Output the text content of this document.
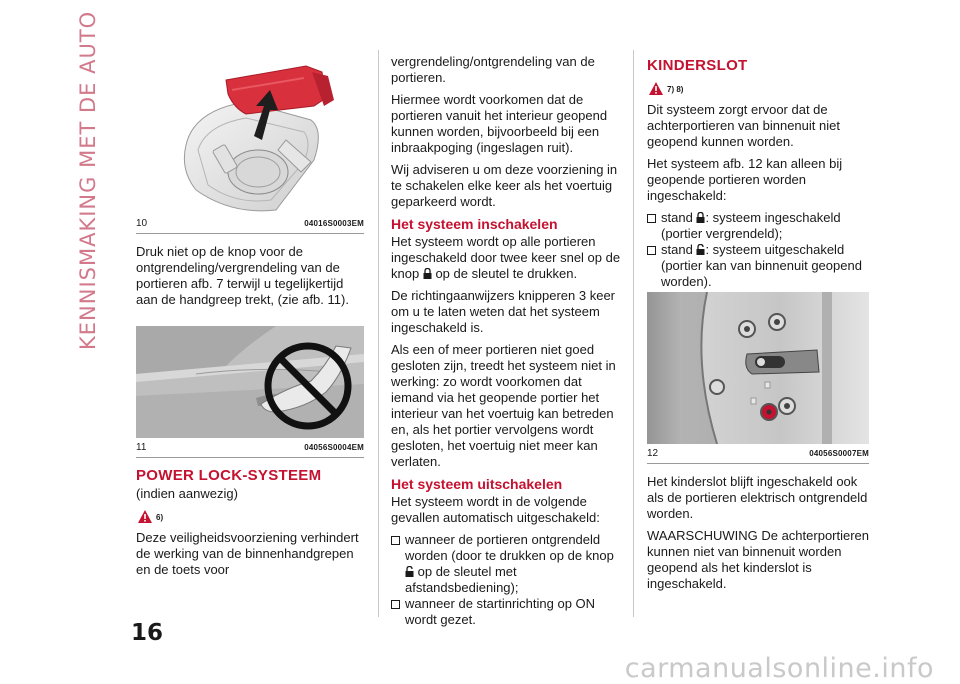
KENNISMAKING MET DE AUTO	10	04016S0003EM

Druk niet op de knop voor de ontgrendeling/vergrendeling van de portieren afb. 7 terwijl u tegelijkertijd aan de handgreep trekt, (zie afb. 11).

11	04056S0004EM
POWER LOCK-SYSTEEM

(indien aanwezig)

6)

Deze veiligheidsvoorziening verhindert de werking van de binnenhandgrepen en de toets voor

vergrendeling/ontgrendeling van de portieren.

Hiermee wordt voorkomen dat de portieren vanuit het interieur geopend kunnen worden, bijvoorbeeld bij een inbraakpoging (ingeslagen ruit).

Wij adviseren u om deze voorziening in te schakelen elke keer als het voertuig geparkeerd wordt.

Het systeem inschakelen

Het systeem wordt op alle portieren ingeschakeld door twee keer snel op de knop op de sleutel te drukken.

De richtingaanwijzers knipperen 3 keer om u te laten weten dat het systeem ingeschakeld is.

Als een of meer portieren niet goed gesloten zijn, treedt het systeem niet in werking: zo wordt voorkomen dat iemand via het geopende portier het interieur van het voertuig kan betreden en, als het portier vervolgens wordt gesloten, het voertuig niet meer kan verlaten.

Het systeem uitschakelen

Het systeem wordt in de volgende gevallen automatisch uitgeschakeld:

wanneer de portieren ontgrendeld worden (door te drukken op de knop  op de sleutel met afstandsbediening);
wanneer de startinrichting op ON wordt gezet.
KINDERSLOT
7) 8)

Dit systeem zorgt ervoor dat de achterportieren van binnenuit niet geopend kunnen worden.

Het systeem afb. 12 kan alleen bij geopende portieren worden ingeschakeld:

stand : systeem ingeschakeld (portier vergrendeld);
stand : systeem uitgeschakeld (portier kan van binnenuit geopend worden).
12	04056S0007EM

Het kinderslot blijft ingeschakeld ook als de portieren elektrisch ontgrendeld worden.

WAARSCHUWING De achterportieren kunnen niet van binnenuit worden geopend als het kinderslot is ingeschakeld.

16
carmanualsonline.info
